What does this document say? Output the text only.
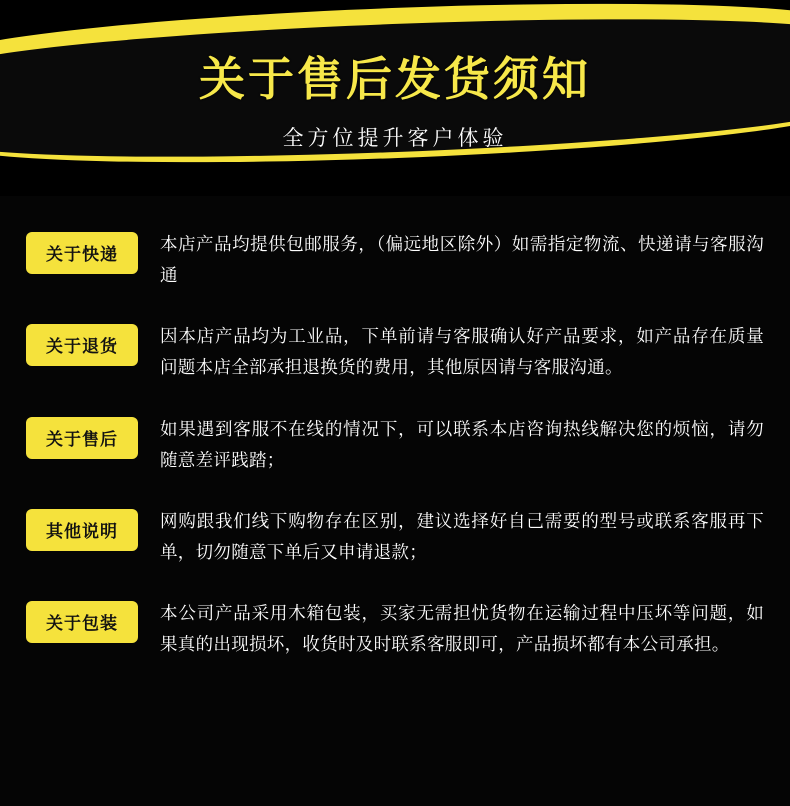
关于售后发货须知
全方位提升客户体验
关于快递	本店产品均提供包邮服务，（偏远地区除外）如需指定物流、快递请与客服沟通
关于退货	因本店产品均为工业品，下单前请与客服确认好产品要求，如产品存在质量问题本店全部承担退换货的费用，其他原因请与客服沟通。
关于售后	如果遇到客服不在线的情况下，可以联系本店咨询热线解决您的烦恼，请勿随意差评践踏；
其他说明	网购跟我们线下购物存在区别，建议选择好自己需要的型号或联系客服再下单，切勿随意下单后又申请退款；
关于包装	本公司产品采用木箱包装，买家无需担忧货物在运输过程中压坏等问题，如果真的出现损坏，收货时及时联系客服即可，产品损坏都有本公司承担。
